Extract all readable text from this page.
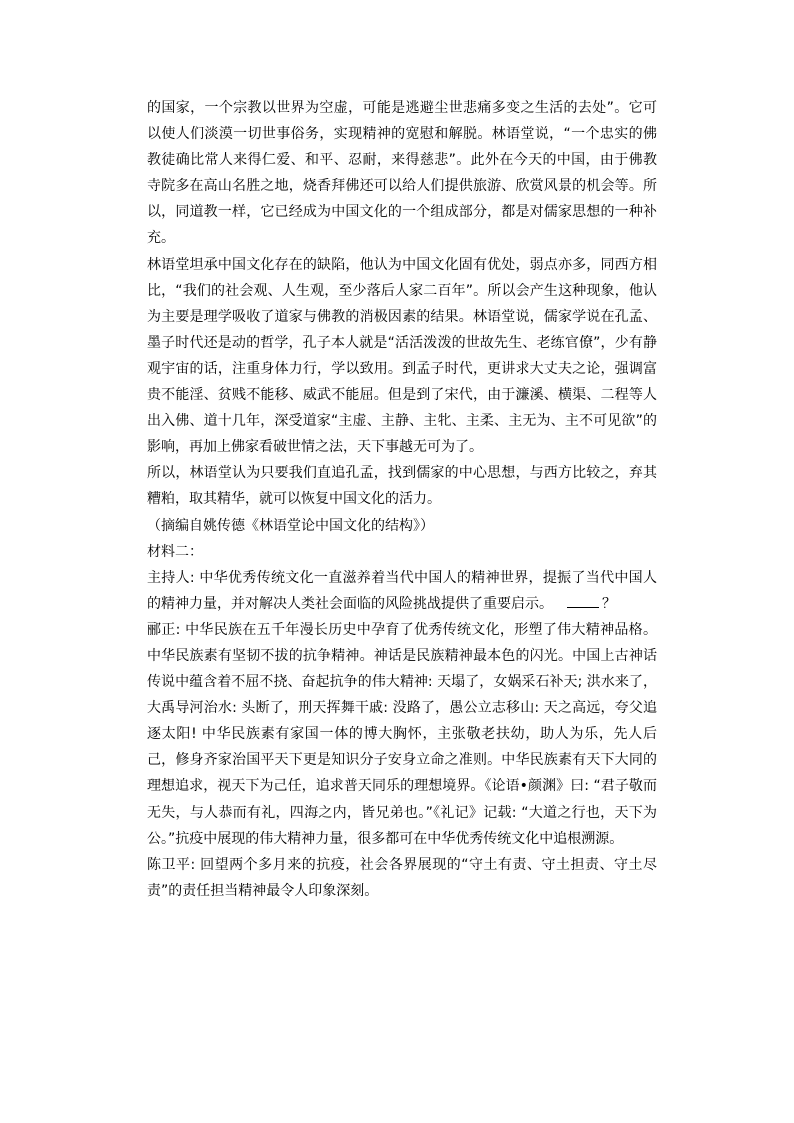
的国家，一个宗教以世界为空虚，可能是逃避尘世悲痛多变之生活的去处”。它可以使人们淡漠一切世事俗务，实现精神的宽慰和解脱。林语堂说，“一个忠实的佛教徒确比常人来得仁爱、和平、忍耐，来得慈悲”。此外在今天的中国，由于佛教寺院多在高山名胜之地，烧香拜佛还可以给人们提供旅游、欣赏风景的机会等。所以，同道教一样，它已经成为中国文化的一个组成部分，都是对儒家思想的一种补充。

林语堂坦承中国文化存在的缺陷，他认为中国文化固有优处，弱点亦多，同西方相比，“我们的社会观、人生观，至少落后人家二百年”。所以会产生这种现象，他认为主要是理学吸收了道家与佛教的消极因素的结果。林语堂说，儒家学说在孔孟、墨子时代还是动的哲学，孔子本人就是“活活泼泼的世故先生、老练官僚”，少有静观宇宙的话，注重身体力行，学以致用。到孟子时代，更讲求大丈夫之论，强调富贵不能淫、贫贱不能移、威武不能屈。但是到了宋代，由于濂溪、横渠、二程等人出入佛、道十几年，深受道家“主虚、主静、主牝、主柔、主无为、主不可见欲”的影响，再加上佛家看破世情之法，天下事越无可为了。

所以，林语堂认为只要我们直追孔孟，找到儒家的中心思想，与西方比较之，弃其糟粕，取其精华，就可以恢复中国文化的活力。

（摘编自姚传德《林语堂论中国文化的结构》）

材料二：

主持人: 中华优秀传统文化一直滋养着当代中国人的精神世界，提振了当代中国人的精神力量，并对解决人类社会面临的风险挑战提供了重要启示。	？

郦正: 中华民族在五千年漫长历史中孕育了优秀传统文化，形塑了伟大精神品格。中华民族素有坚韧不拔的抗争精神。神话是民族精神最本色的闪光。中国上古神话传说中蕴含着不屈不挠、奋起抗争的伟大精神: 天塌了，女娲采石补天; 洪水来了，大禹导河治水: 头断了，刑天挥舞干戚: 没路了，愚公立志移山: 天之高远，夸父追逐太阳! 中华民族素有家国一体的博大胸怀，主张敬老扶幼，助人为乐，先人后己，修身齐家治国平天下更是知识分子安身立命之准则。中华民族素有天下大同的理想追求，视天下为己任，追求普天同乐的理想境界。《论语•颜渊》曰: “君子敬而无失，与人恭而有礼，四海之内，皆兄弟也。”《礼记》记载: “大道之行也，天下为公。”抗疫中展现的伟大精神力量，很多都可在中华优秀传统文化中追根溯源。

陈卫平: 回望两个多月来的抗疫，社会各界展现的“守土有责、守土担责、守土尽责”的责任担当精神最令人印象深刻。
